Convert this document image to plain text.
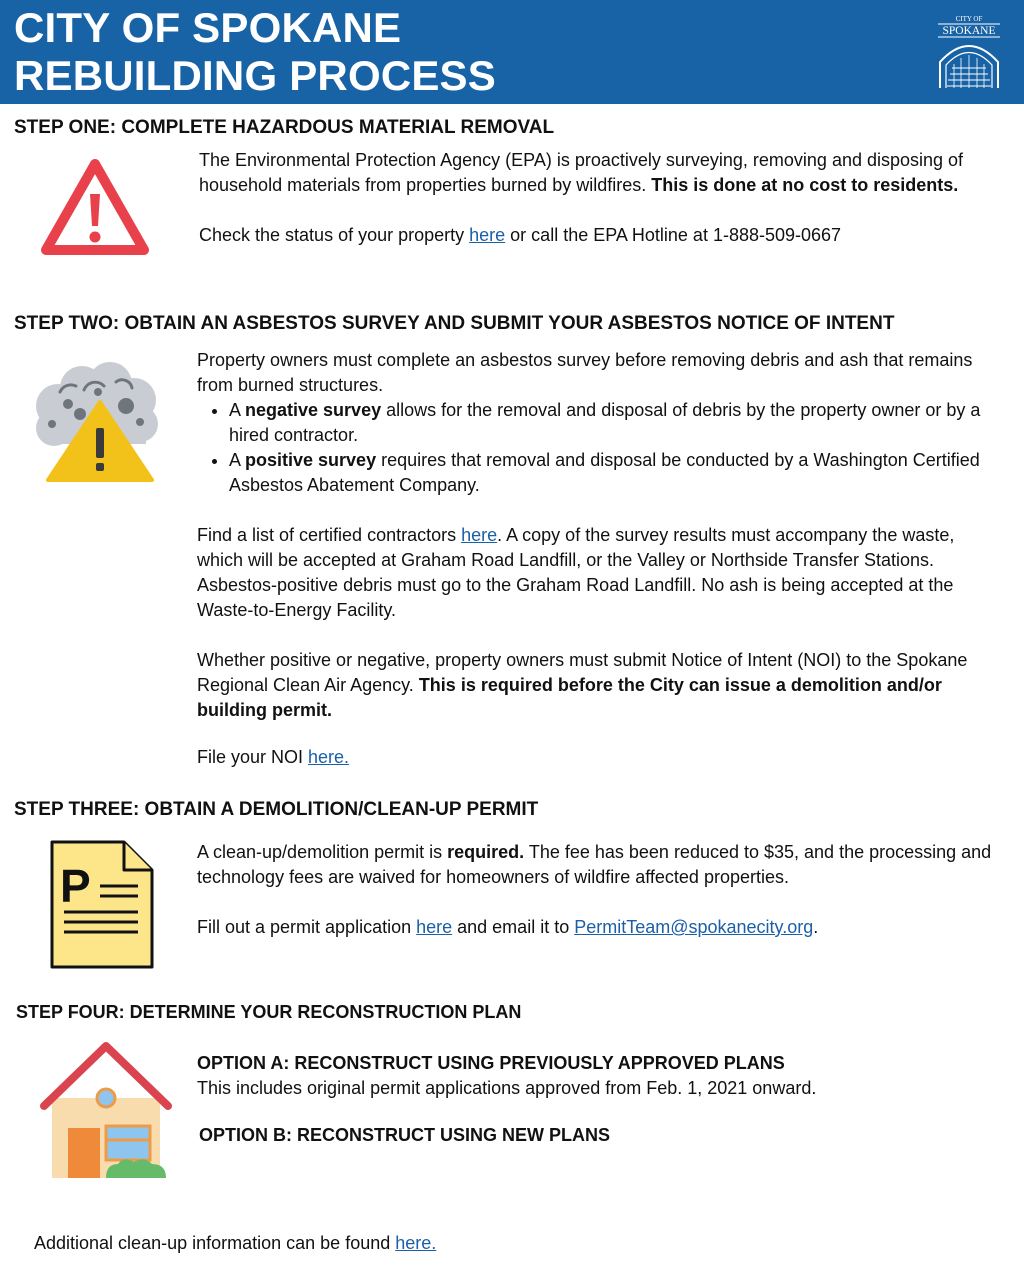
CITY OF SPOKANE
REBUILDING PROCESS
CITY OF
SPOKANE
STEP ONE: COMPLETE HAZARDOUS MATERIAL REMOVAL

The Environmental Protection Agency (EPA) is proactively surveying, removing and disposing of household materials from properties burned by wildfires. This is done at no cost to residents.

Check the status of your property here or call the EPA Hotline at 1-888-509-0667

STEP TWO: OBTAIN AN ASBESTOS SURVEY AND SUBMIT YOUR ASBESTOS NOTICE OF INTENT

Property owners must complete an asbestos survey before removing debris and ash that remains from burned structures.

• A negative survey allows for the removal and disposal of debris by the property owner or by a hired contractor.
• A positive survey requires that removal and disposal be conducted by a Washington Certified Asbestos Abatement Company.

Find a list of certified contractors here. A copy of the survey results must accompany the waste, which will be accepted at Graham Road Landfill, or the Valley or Northside Transfer Stations. Asbestos-positive debris must go to the Graham Road Landfill. No ash is being accepted at the Waste-to-Energy Facility.

Whether positive or negative, property owners must submit Notice of Intent (NOI) to the Spokane Regional Clean Air Agency. This is required before the City can issue a demolition and/or building permit.

File your NOI here.

STEP THREE: OBTAIN A DEMOLITION/CLEAN-UP PERMIT
P

A clean-up/demolition permit is required. The fee has been reduced to $35, and the processing and technology fees are waived for homeowners of wildfire affected properties.

Fill out a permit application here and email it to PermitTeam@spokanecity.org.

STEP FOUR: DETERMINE YOUR RECONSTRUCTION PLAN
OPTION A: RECONSTRUCT USING PREVIOUSLY APPROVED PLANS
This includes original permit applications approved from Feb. 1, 2021 onward.
OPTION B: RECONSTRUCT USING NEW PLANS
Additional clean-up information can be found here.
